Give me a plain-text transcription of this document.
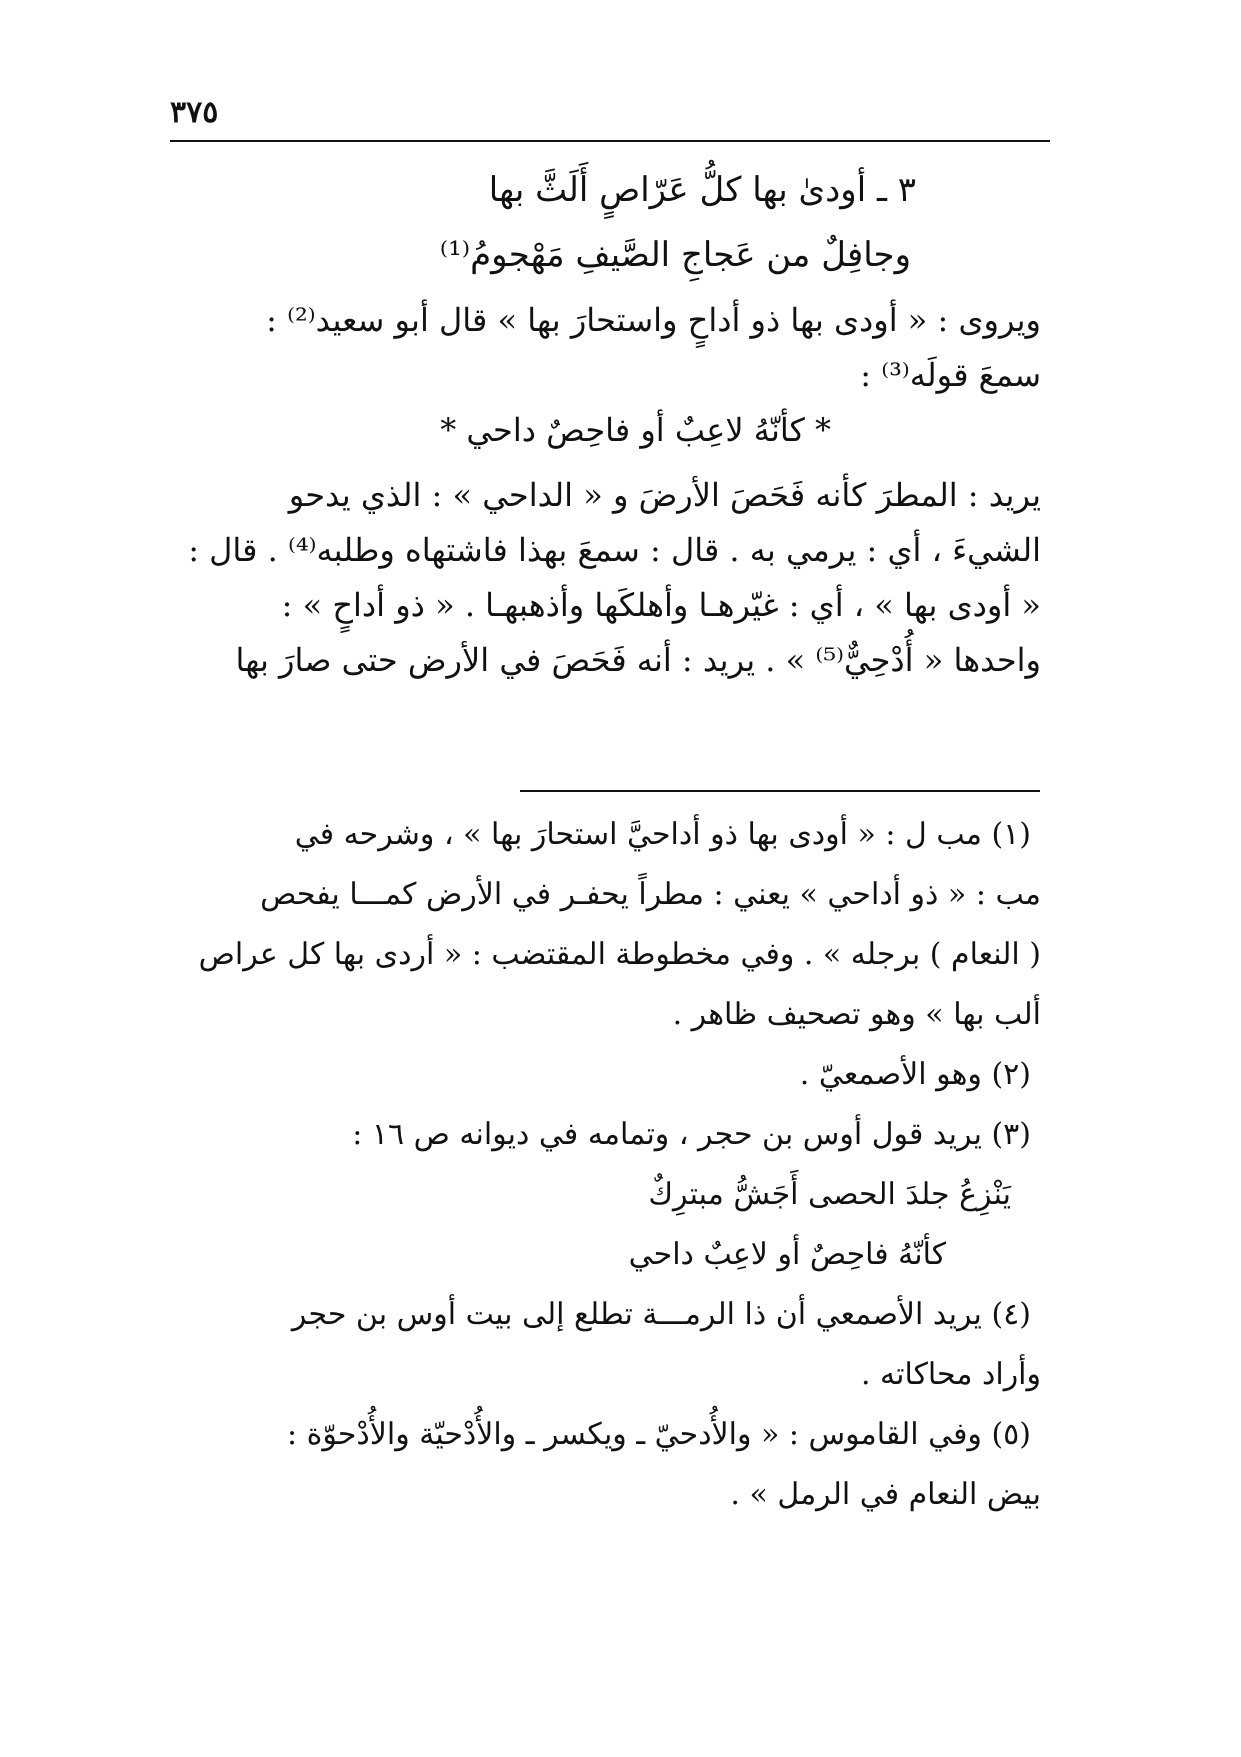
٣٧٥
٣ ـ أودىٰ بها كلُّ عَرّاصٍ أَلَثَّ بها
وجافِلٌ من عَجاجِ الصَّيفِ مَهْجومُ⁽¹⁾
ويروى : « أودى بها ذو أداحٍ واستحارَ بها » قال أبو سعيد⁽²⁾ :
سمعَ قولَه⁽³⁾ :
* كأنّهُ لاعِبٌ أو فاحِصٌ داحي *
يريد : المطرَ كأنه فَحَصَ الأرضَ و « الداحي » : الذي يدحو
الشيءَ ، أي : يرمي به . قال : سمعَ بهذا فاشتهاه وطلبه⁽⁴⁾ . قال :
« أودى بها » ، أي : غيّرهـا وأهلكَها وأذهبهـا . « ذو أداحٍ » :
واحدها « أُدْحِيٌّ⁽⁵⁾ » . يريد : أنه فَحَصَ في الأرض حتى صارَ بها
(١) مب ل : « أودى بها ذو أداحيَّ استحارَ بها » ، وشرحه في
مب : « ذو أداحي » يعني : مطراً يحفـر في الأرض كمـــا يفحص
( النعام ) برجله » . وفي مخطوطة المقتضب : « أردى بها كل عراص
ألب بها » وهو تصحيف ظاهر .
(٢) وهو الأصمعيّ .
(٣) يريد قول أوس بن حجر ، وتمامه في ديوانه ص ١٦ :
يَنْزِعُ جلدَ الحصى أَجَشُّ مبترِكٌ
كأنّهُ فاحِصٌ أو لاعِبٌ داحي
(٤) يريد الأصمعي أن ذا الرمـــة تطلع إلى بيت أوس بن حجر
وأراد محاكاته .
(٥) وفي القاموس : « والأُدحيّ ـ ويكسر ـ والأُدْحيّة والأُدْحوّة :
بيض النعام في الرمل » .
